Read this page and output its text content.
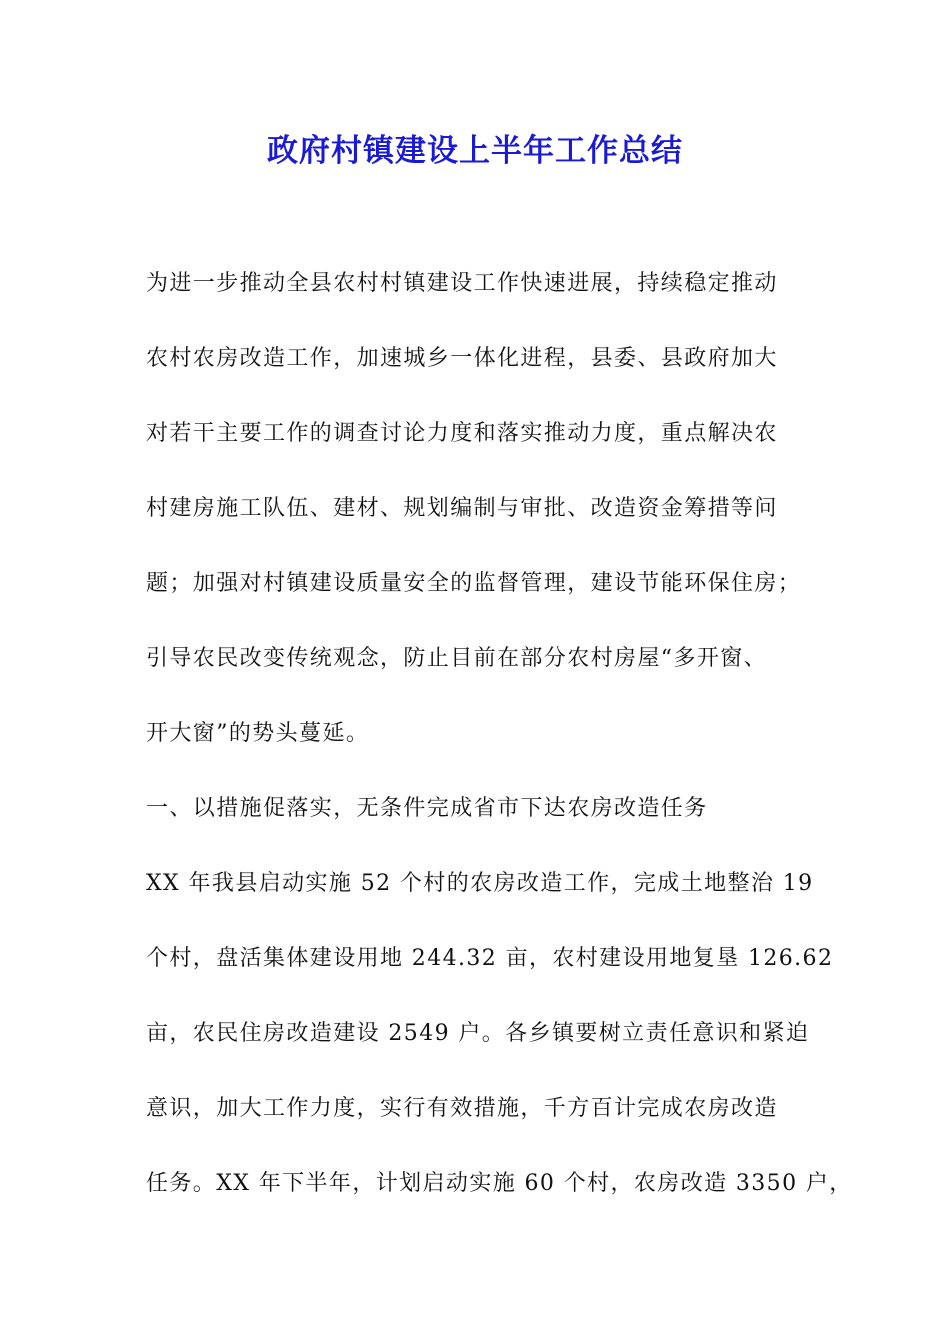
政府村镇建设上半年工作总结
为进一步推动全县农村村镇建设工作快速进展，持续稳定推动
农村农房改造工作，加速城乡一体化进程，县委、县政府加大
对若干主要工作的调查讨论力度和落实推动力度，重点解决农
村建房施工队伍、建材、规划编制与审批、改造资金筹措等问
题；加强对村镇建设质量安全的监督管理，建设节能环保住房；
引导农民改变传统观念，防止目前在部分农村房屋“多开窗、
开大窗”的势头蔓延。
一、以措施促落实，无条件完成省市下达农房改造任务
XX 年我县启动实施 52 个村的农房改造工作，完成土地整治 19
个村，盘活集体建设用地 244.32 亩，农村建设用地复垦 126.62
亩，农民住房改造建设 2549 户。各乡镇要树立责任意识和紧迫
意识，加大工作力度，实行有效措施，千方百计完成农房改造
任务。XX 年下半年，计划启动实施 60 个村，农房改造 3350 户，
